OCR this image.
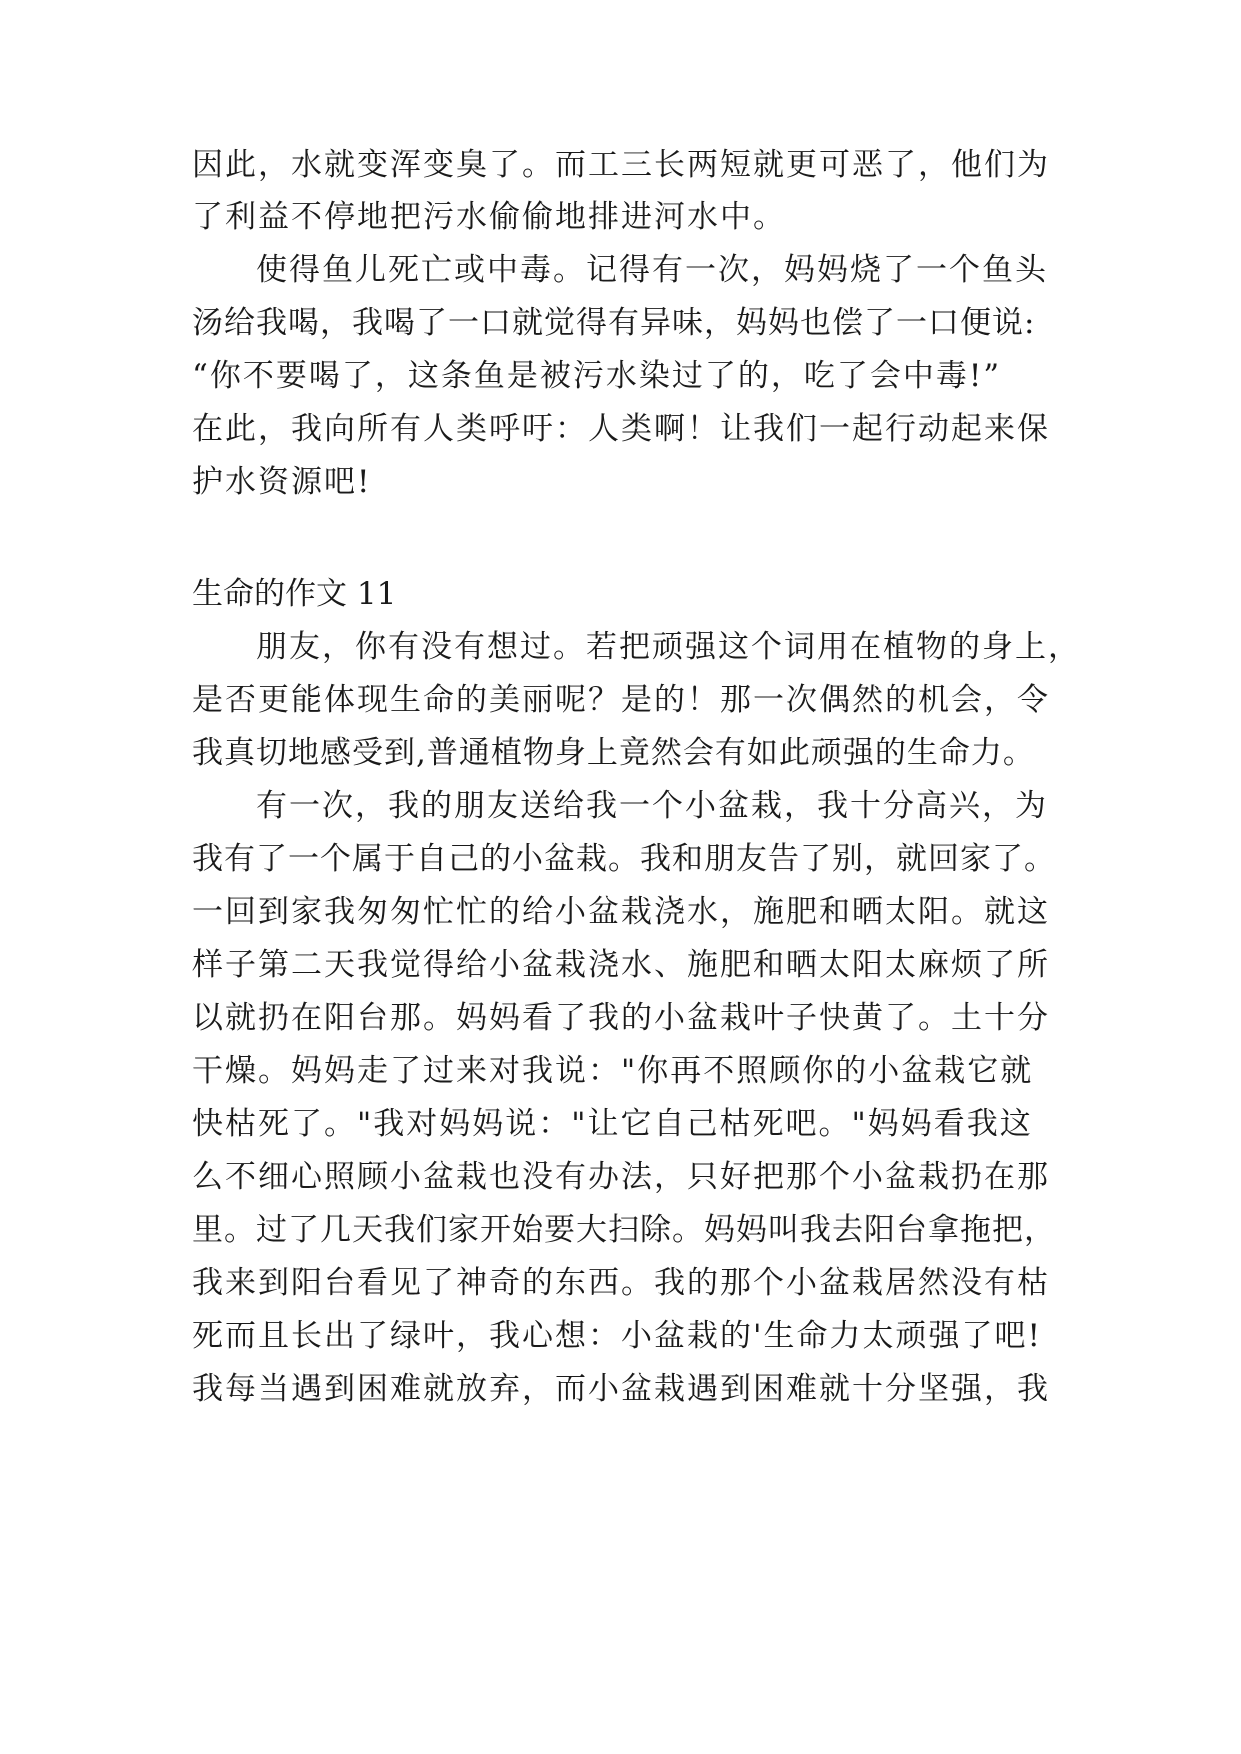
因此，水就变浑变臭了。而工三长两短就更可恶了，他们为
了利益不停地把污水偷偷地排进河水中。
使得鱼儿死亡或中毒。记得有一次，妈妈烧了一个鱼头
汤给我喝，我喝了一口就觉得有异味，妈妈也偿了一口便说:
“你不要喝了，这条鱼是被污水染过了的，吃了会中毒!”
在此，我向所有人类呼吁：人类啊！让我们一起行动起来保
护水资源吧!
生命的作文 11
朋友，你有没有想过。若把顽强这个词用在植物的身上，
是否更能体现生命的美丽呢？是的！那一次偶然的机会，令
我真切地感受到,普通植物身上竟然会有如此顽强的生命力。
有一次，我的朋友送给我一个小盆栽，我十分高兴，为
我有了一个属于自己的小盆栽。我和朋友告了别，就回家了。
一回到家我匆匆忙忙的给小盆栽浇水，施肥和晒太阳。就这
样子第二天我觉得给小盆栽浇水、施肥和晒太阳太麻烦了所
以就扔在阳台那。妈妈看了我的小盆栽叶子快黄了。土十分
干燥。妈妈走了过来对我说："你再不照顾你的小盆栽它就
快枯死了。"我对妈妈说："让它自己枯死吧。"妈妈看我这
么不细心照顾小盆栽也没有办法，只好把那个小盆栽扔在那
里。过了几天我们家开始要大扫除。妈妈叫我去阳台拿拖把，
我来到阳台看见了神奇的东西。我的那个小盆栽居然没有枯
死而且长出了绿叶，我心想：小盆栽的'生命力太顽强了吧!
我每当遇到困难就放弃，而小盆栽遇到困难就十分坚强，我
